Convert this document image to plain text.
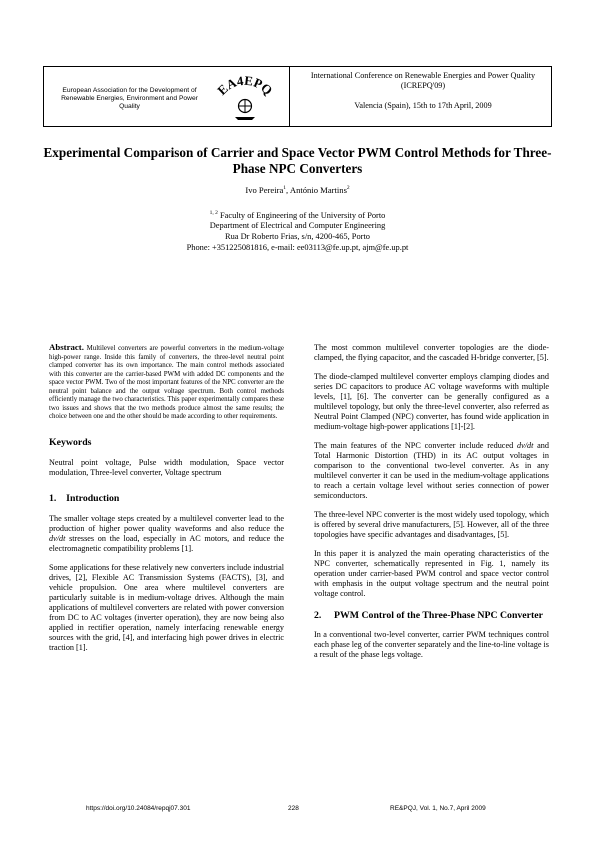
European Association for the Development of Renewable Energies, Environment and Power Quality
EA4EPQ
International Conference on Renewable Energies and Power Quality (ICREPQ'09)
Valencia (Spain), 15th to 17th April, 2009
Experimental Comparison of Carrier and Space Vector PWM Control Methods for Three-Phase NPC Converters
Ivo Pereira$^1$, António Martins$^2$
$^{1, 2}$ Faculty of Engineering of the University of Porto
Department of Electrical and Computer Engineering
Rua Dr Roberto Frias, s/n, 4200-465, Porto
Phone: +351225081816, e-mail: ee03113@fe.up.pt, ajm@fe.up.pt

Abstract. Multilevel converters are powerful converters in the medium-voltage high-power range. Inside this family of converters, the three-level neutral point clamped converter has its own importance. The main control methods associated with this converter are the carrier-based PWM with added DC components and the space vector PWM. Two of the most important features of the NPC converter are the neutral point balance and the output voltage spectrum. Both control methods efficiently manage the two characteristics. This paper experimentally compares these two issues and shows that the two methods produce almost the same results; the choice between one and the other should be made according to other requirements.

Keywords

Neutral point voltage, Pulse width modulation, Space vector modulation, Three-level converter, Voltage spectrum

1.    Introduction

The smaller voltage steps created by a multilevel converter lead to the production of higher power quality waveforms and also reduce the dv/dt stresses on the load, especially in AC motors, and reduce the electromagnetic compatibility problems [1].

Some applications for these relatively new converters include industrial drives, [2], Flexible AC Transmission Systems (FACTS), [3], and vehicle propulsion. One area where multilevel converters are particularly suitable is in medium-voltage drives. Although the main applications of multilevel converters are related with power conversion from DC to AC voltages (inverter operation), they are now being also applied in rectifier operation, namely interfacing renewable energy sources with the grid, [4], and interfacing high power drives in electric traction [1].

The most common multilevel converter topologies are the diode-clamped, the flying capacitor, and the cascaded H-bridge converter, [5].

The diode-clamped multilevel converter employs clamping diodes and series DC capacitors to produce AC voltage waveforms with multiple levels, [1], [6]. The converter can be generally configured as a multilevel topology, but only the three-level converter, also referred as Neutral Point Clamped (NPC) converter, has found wide application in medium-voltage high-power applications [1]-[2].

The main features of the NPC converter include reduced dv/dt and Total Harmonic Distortion (THD) in its AC output voltages in comparison to the conventional two-level converter. As in any multilevel converter it can be used in the medium-voltage applications to reach a certain voltage level without series connection of power semiconductors.

The three-level NPC converter is the most widely used topology, which is offered by several drive manufacturers, [5]. However, all of the three topologies have specific advantages and disadvantages, [5].

In this paper it is analyzed the main operating characteristics of the NPC converter, schematically represented in Fig. 1, namely its operation under carrier-based PWM control and space vector control with emphasis in the output voltage spectrum and the neutral point voltage control.

2.	PWM Control of the Three-Phase NPC Converter

In a conventional two-level converter, carrier PWM techniques control each phase leg of the converter separately and the line-to-line voltage is a result of the phase legs voltage.

https://doi.org/10.24084/repqj07.301	228	RE&PQJ, Vol. 1, No.7, April 2009
